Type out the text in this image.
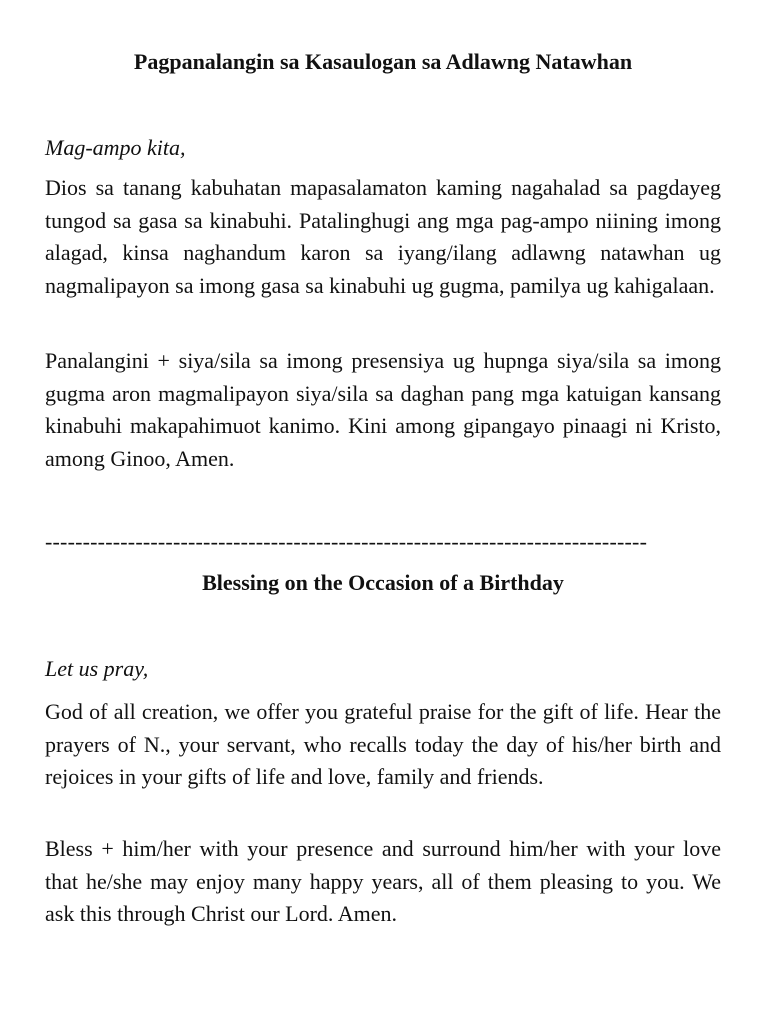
Pagpanalangin sa Kasaulogan sa Adlawng Natawhan

Mag-ampo kita,

Dios sa tanang kabuhatan mapasalamaton kaming nagahalad sa pagdayeg tungod sa gasa sa kinabuhi. Patalinghugi ang mga pag-ampo niining imong alagad, kinsa naghandum karon sa iyang/ilang adlawng natawhan ug nagmalipayon sa imong gasa sa kinabuhi ug gugma, pamilya ug kahigalaan.

Panalangini + siya/sila sa imong presensiya ug hupnga siya/sila sa imong gugma aron magmalipayon siya/sila sa daghan pang mga katuigan kansang kinabuhi makapahimuot kanimo. Kini among gipangayo pinaagi ni Kristo, among Ginoo, Amen.

--------------------------------------------------------------------------------
Blessing on the Occasion of a Birthday

Let us pray,

God of all creation, we offer you grateful praise for the gift of life. Hear the prayers of N., your servant, who recalls today the day of his/her birth and rejoices in your gifts of life and love, family and friends.

Bless + him/her with your presence and surround him/her with your love that he/she may enjoy many happy years, all of them pleasing to you. We ask this through Christ our Lord. Amen.
